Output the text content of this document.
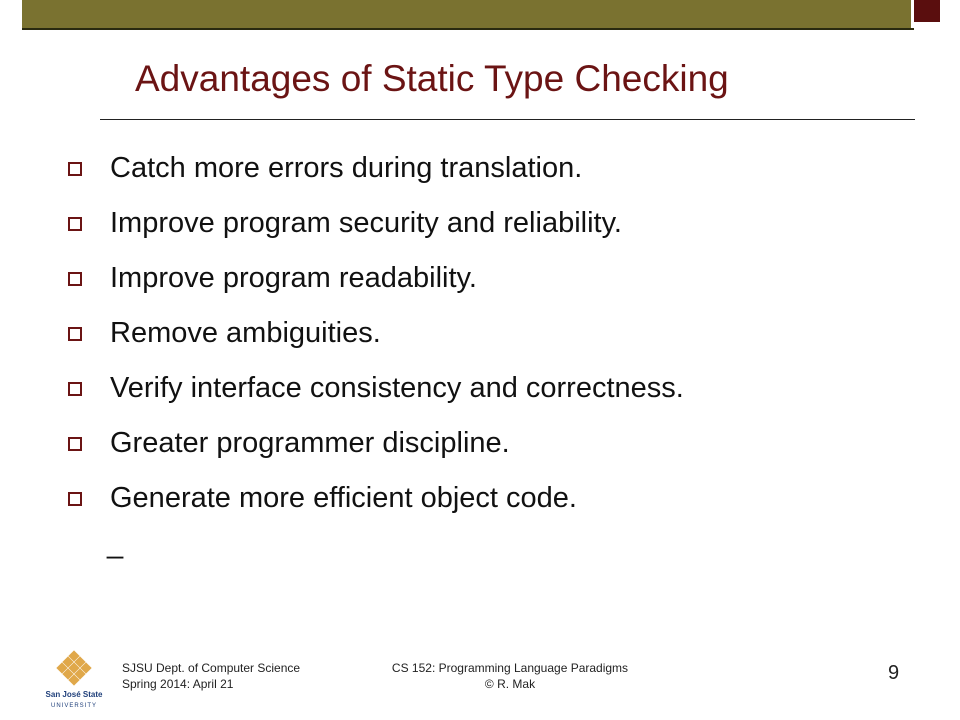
Advantages of Static Type Checking
Catch more errors during translation.
Improve program security and reliability.
Improve program readability.
Remove ambiguities.
Verify interface consistency and correctness.
Greater programmer discipline.
Generate more efficient object code.
_
San José State
UNIVERSITY
SJSU Dept. of Computer Science
Spring 2014: April 21
CS 152: Programming Language Paradigms
© R. Mak	9
